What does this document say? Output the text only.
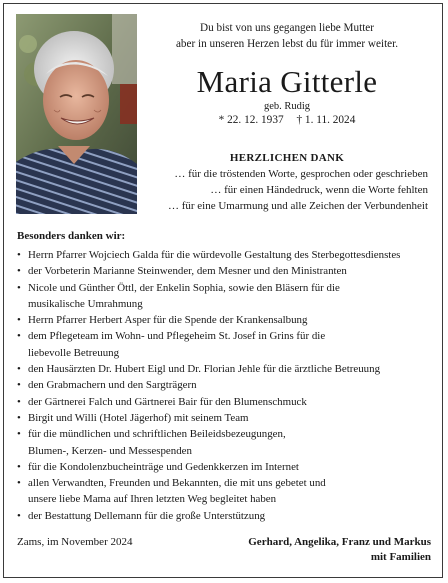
Du bist von uns gegangen liebe Mutter
aber in unseren Herzen lebst du für immer weiter.
Maria Gitterle
geb. Rudig
* 22. 12. 1937 † 1. 11. 2024
HERZLICHEN DANK
… für die tröstenden Worte, gesprochen oder geschrieben
… für einen Händedruck, wenn die Worte fehlten
… für eine Umarmung und alle Zeichen der Verbundenheit
Besonders danken wir:
• Herrn Pfarrer Wojciech Galda für die würdevolle Gestaltung des Sterbegottesdienstes
• der Vorbeterin Marianne Steinwender, dem Mesner und den Ministranten
• Nicole und Günther Öttl, der Enkelin Sophia, sowie den Bläsern für die
musikalische Umrahmung
• Herrn Pfarrer Herbert Asper für die Spende der Krankensalbung
• dem Pflegeteam im Wohn- und Pflegeheim St. Josef in Grins für die
liebevolle Betreuung
• den Hausärzten Dr. Hubert Eigl und Dr. Florian Jehle für die ärztliche Betreuung
• den Grabmachern und den Sargträgern
• der Gärtnerei Falch und Gärtnerei Bair für den Blumenschmuck
• Birgit und Willi (Hotel Jägerhof) mit seinem Team
• für die mündlichen und schriftlichen Beileidsbezeugungen,
Blumen-, Kerzen- und Messespenden
• für die Kondolenzbucheinträge und Gedenkkerzen im Internet
• allen Verwandten, Freunden und Bekannten, die mit uns gebetet und
unsere liebe Mama auf Ihren letzten Weg begleitet haben
• der Bestattung Dellemann für die große Unterstützung
Zams, im November 2024	Gerhard, Angelika, Franz und Markus
mit Familien
